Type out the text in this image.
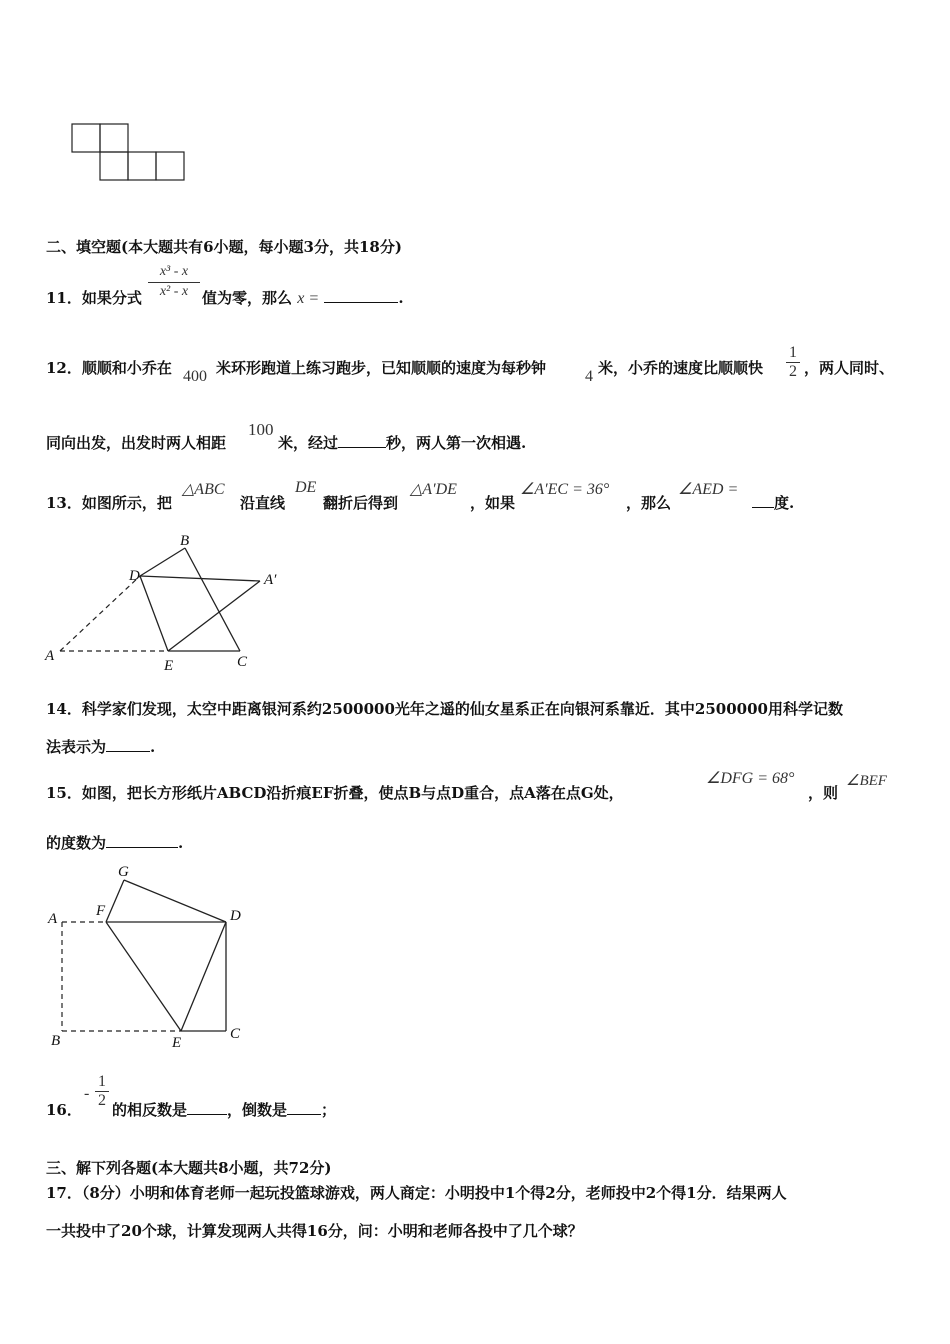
二、填空题(本大题共有6小题，每小题3分，共18分)
11．如果分式 $\frac{\text{x³ - x}}{\text{x² - x}}$ 值为零，那么 x =	.
12．顺顺和小乔在 400 米环形跑道上练习跑步，已知顺顺的速度为每秒钟 4 米，小乔的速度比顺顺快 $\frac{1}{2}$ ，两人同时、
同向出发，出发时两人相距
100
米，经过	秒，两人第一次相遇.
13．如图所示，把
△ABC
沿直线
DE
翻折后得到
△A′DE
，如果
∠A′EC = 36°
，那么
∠AED =
度.
B
D	A′
A
E	C
14．科学家们发现，太空中距离银河系约2500000光年之遥的仙女星系正在向银河系靠近．其中2500000用科学记数
法表示为	.
15．如图，把长方形纸片ABCD沿折痕EF折叠，使点B与点D重合，点A落在点G处，
∠DFG = 68°
，则
∠BEF
的度数为	.
G
A	F	D
B	E
C
16．
- $\frac{1}{2}$ 的相反数是	，倒数是 ；
三、解下列各题(本大题共8小题，共72分)
17．（8分）小明和体育老师一起玩投篮球游戏，两人商定：小明投中1个得2分，老师投中2个得1分．结果两人
一共投中了20个球，计算发现两人共得16分，问：小明和老师各投中了几个球？
